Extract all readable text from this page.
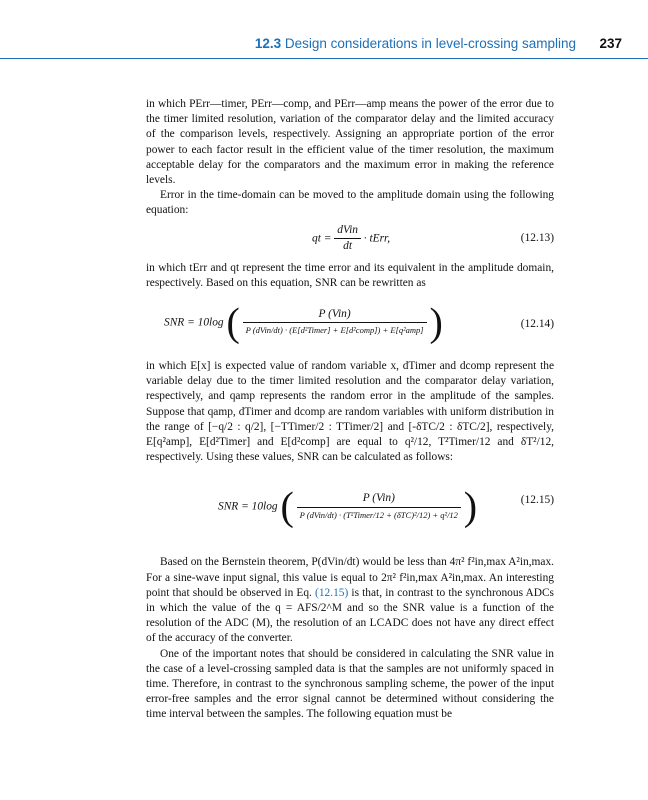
12.3 Design considerations in level-crossing sampling 237

in which PErr—timer, PErr—comp, and PErr—amp means the power of the error due to the timer limited resolution, variation of the comparator delay and the limited accuracy of the comparison levels, respectively. Assigning an appropriate portion of the error power to each factor result in the efficient value of the timer resolution, the maximum acceptable delay for the comparators and the maximum error in making the reference levels.

Error in the time-domain can be moved to the amplitude domain using the following equation:

qt = $\frac{\text{dVin}}{dt}$ · tErr,	(12.13)

in which tErr and qt represent the time error and its equivalent in the amplitude domain, respectively. Based on this equation, SNR can be rewritten as

SNR = 10log ( $\frac{\text{P (Vin)}}{\text{P (dVin/dt) · (E[d²Timer] + E[d²comp]) + E[q²amp]}}$ )	(12.14)

in which E[x] is expected value of random variable x, dTimer and dcomp represent the variable delay due to the timer limited resolution and the comparator delay variation, respectively, and qamp represents the random error in the amplitude of the samples. Suppose that qamp, dTimer and dcomp are random variables with uniform distribution in the range of [−q/2 : q/2], [−TTimer/2 : TTimer/2] and [-δTC/2 : δTC/2], respectively, E[q²amp], E[d²Timer] and E[d²comp] are equal to q²/12, T²Timer/12 and δT²/12, respectively. Using these values, SNR can be calculated as follows:

SNR = 10log ( $\frac{\text{P (Vin)}}{\text{P (dVin/dt) · (T²Timer/12 + (δTC)²/12) + q²/12}}$ )	(12.15)

Based on the Bernstein theorem, P(dVin/dt) would be less than 4π² f²in,max A²in,max. For a sine-wave input signal, this value is equal to 2π² f²in,max A²in,max. An interesting point that should be observed in Eq. (12.15) is that, in contrast to the synchronous ADCs in which the value of the q = AFS/2^M and so the SNR value is a function of the resolution of the ADC (M), the resolution of an LCADC does not have any direct effect of the accuracy of the converter.

One of the important notes that should be considered in calculating the SNR value in the case of a level-crossing sampled data is that the samples are not uniformly spaced in time. Therefore, in contrast to the synchronous sampling scheme, the power of the input error-free samples and the error signal cannot be determined without considering the time interval between the samples. The following equation must be
